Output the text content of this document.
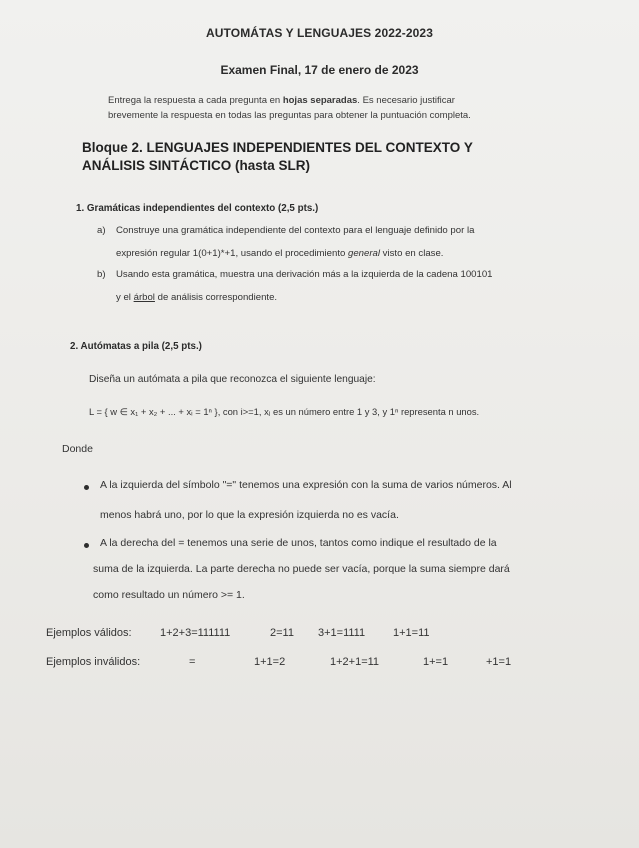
AUTOMÁTAS Y LENGUAJES 2022-2023
Examen Final, 17 de enero de 2023
Entrega la respuesta a cada pregunta en hojas separadas. Es necesario justificar
brevemente la respuesta en todas las preguntas para obtener la puntuación completa.
Bloque 2. LENGUAJES INDEPENDIENTES DEL CONTEXTO Y
ANÁLISIS SINTÁCTICO (hasta SLR)
1. Gramáticas independientes del contexto (2,5 pts.)
a) Construye una gramática independiente del contexto para el lenguaje definido por la
expresión regular 1(0+1)*+1, usando el procedimiento general visto en clase.
b) Usando esta gramática, muestra una derivación más a la izquierda de la cadena 100101
y el árbol de análisis correspondiente.
2. Autómatas a pila (2,5 pts.)
Diseña un autómata a pila que reconozca el siguiente lenguaje:
L = { w ∈ x₁ + x₂ + ... + xᵢ = 1ⁿ }, con i>=1, xⱼ es un número entre 1 y 3, y 1ⁿ representa n unos.
Donde
A la izquierda del símbolo "=" tenemos una expresión con la suma de varios números. Al
menos habrá uno, por lo que la expresión izquierda no es vacía.
A la derecha del = tenemos una serie de unos, tantos como indique el resultado de la
suma de la izquierda. La parte derecha no puede ser vacía, porque la suma siempre dará
como resultado un número >= 1.
Ejemplos válidos:	1+2+3=111111	2=11 3+1=1111	1+1=11
Ejemplos inválidos:	=	1+1=2	1+2+1=11	1+=1	+1=1
